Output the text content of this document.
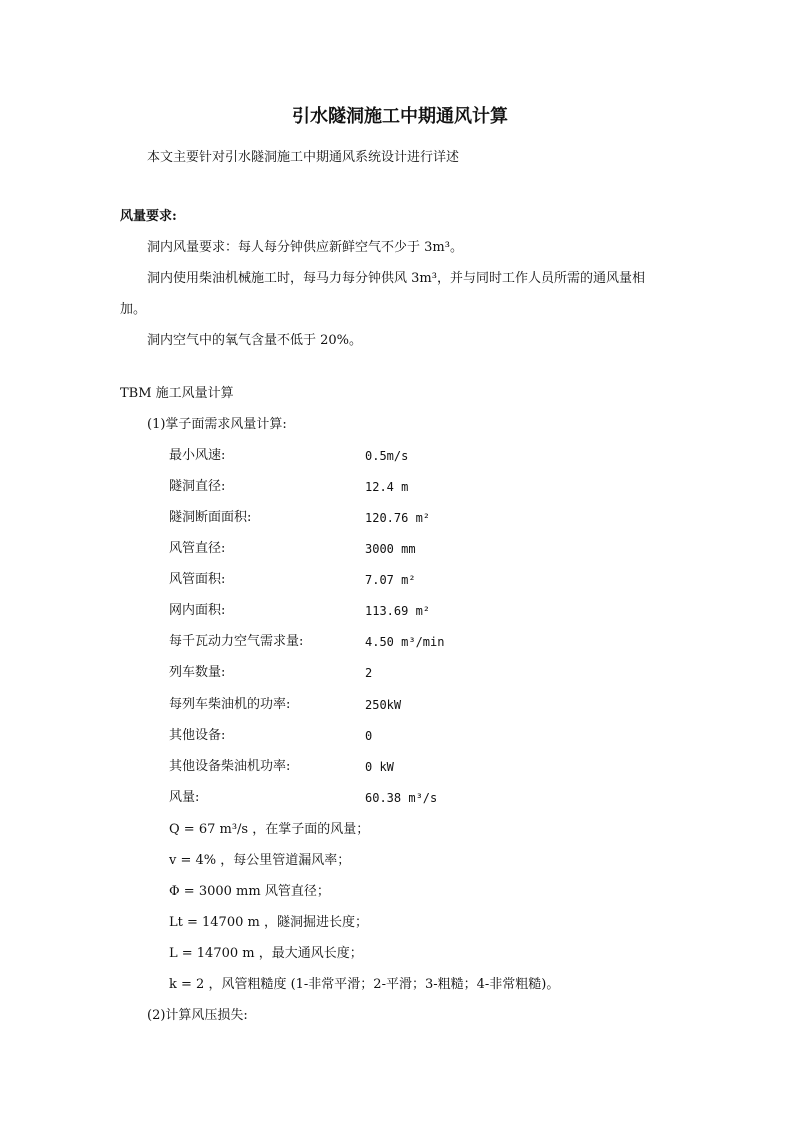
引水隧洞施工中期通风计算
本文主要针对引水隧洞施工中期通风系统设计进行详述
风量要求:
洞内风量要求：每人每分钟供应新鲜空气不少于 3m³。
洞内使用柴油机械施工时，每马力每分钟供风 3m³，并与同时工作人员所需的通风量相
加。
洞内空气中的氧气含量不低于 20%。
TBM 施工风量计算
(1)掌子面需求风量计算:
最小风速:	0.5m/s
隧洞直径:	12.4 m
隧洞断面面积:	120.76 m²
风管直径:	3000 mm
风管面积:	7.07 m²
网内面积:	113.69 m²
每千瓦动力空气需求量:	4.50 m³/min
列车数量:	2
每列车柴油机的功率:	250kW
其他设备:	0
其他设备柴油机功率:	0 kW
风量:	60.38 m³/s
Q = 67 m³/s ，在掌子面的风量；
v = 4% ，每公里管道漏风率；
Φ = 3000 mm 风管直径；
Lt = 14700 m ，隧洞掘进长度；
L = 14700 m ，最大通风长度；
k = 2 ，风管粗糙度 (1-非常平滑；2-平滑；3-粗糙；4-非常粗糙)。
(2)计算风压损失:
